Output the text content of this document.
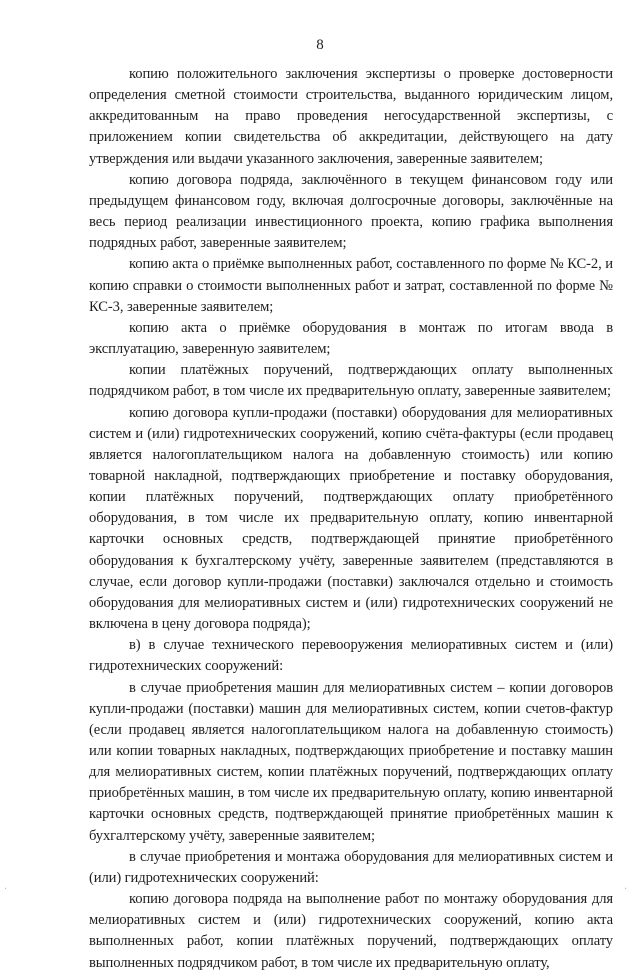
8

копию положительного заключения экспертизы о проверке достоверности определения сметной стоимости строительства, выданного юридическим лицом, аккредитованным на право проведения негосударственной экспертизы, с приложением копии свидетельства об аккредитации, действующего на дату утверждения или выдачи указанного заключения, заверенные заявителем;

копию договора подряда, заключённого в текущем финансовом году или предыдущем финансовом году, включая долгосрочные договоры, заключённые на весь период реализации инвестиционного проекта, копию графика выполнения подрядных работ, заверенные заявителем;

копию акта о приёмке выполненных работ, составленного по форме № КС-2, и копию справки о стоимости выполненных работ и затрат, составленной по форме № КС-3, заверенные заявителем;

копию акта о приёмке оборудования в монтаж по итогам ввода в эксплуатацию, заверенную заявителем;

копии платёжных поручений, подтверждающих оплату выполненных подрядчиком работ, в том числе их предварительную оплату, заверенные заявителем;

копию договора купли-продажи (поставки) оборудования для мелиоративных систем и (или) гидротехнических сооружений, копию счёта-фактуры (если продавец является налогоплательщиком налога на добавленную стоимость) или копию товарной накладной, подтверждающих приобретение и поставку оборудования, копии платёжных поручений, подтверждающих оплату приобретённого оборудования, в том числе их предварительную оплату, копию инвентарной карточки основных средств, подтверждающей принятие приобретённого оборудования к бухгалтерскому учёту, заверенные заявителем (представляются в случае, если договор купли-продажи (поставки) заключался отдельно и стоимость оборудования для мелиоративных систем и (или) гидротехнических сооружений не включена в цену договора подряда);

в) в случае технического перевооружения мелиоративных систем и (или) гидротехнических сооружений:

в случае приобретения машин для мелиоративных систем – копии договоров купли-продажи (поставки) машин для мелиоративных систем, копии счетов-фактур (если продавец является налогоплательщиком налога на добавленную стоимость) или копии товарных накладных, подтверждающих приобретение и поставку машин для мелиоративных систем, копии платёжных поручений, подтверждающих оплату приобретённых машин, в том числе их предварительную оплату, копию инвентарной карточки основных средств, подтверждающей принятие приобретённых машин к бухгалтерскому учёту, заверенные заявителем;

в случае приобретения и монтажа оборудования для мелиоративных систем и (или) гидротехнических сооружений:

копию договора подряда на выполнение работ по монтажу оборудования для мелиоративных систем и (или) гидротехнических сооружений, копию акта выполненных работ, копии платёжных поручений, подтверждающих оплату выполненных подрядчиком работ, в том числе их предварительную оплату,

·	·
